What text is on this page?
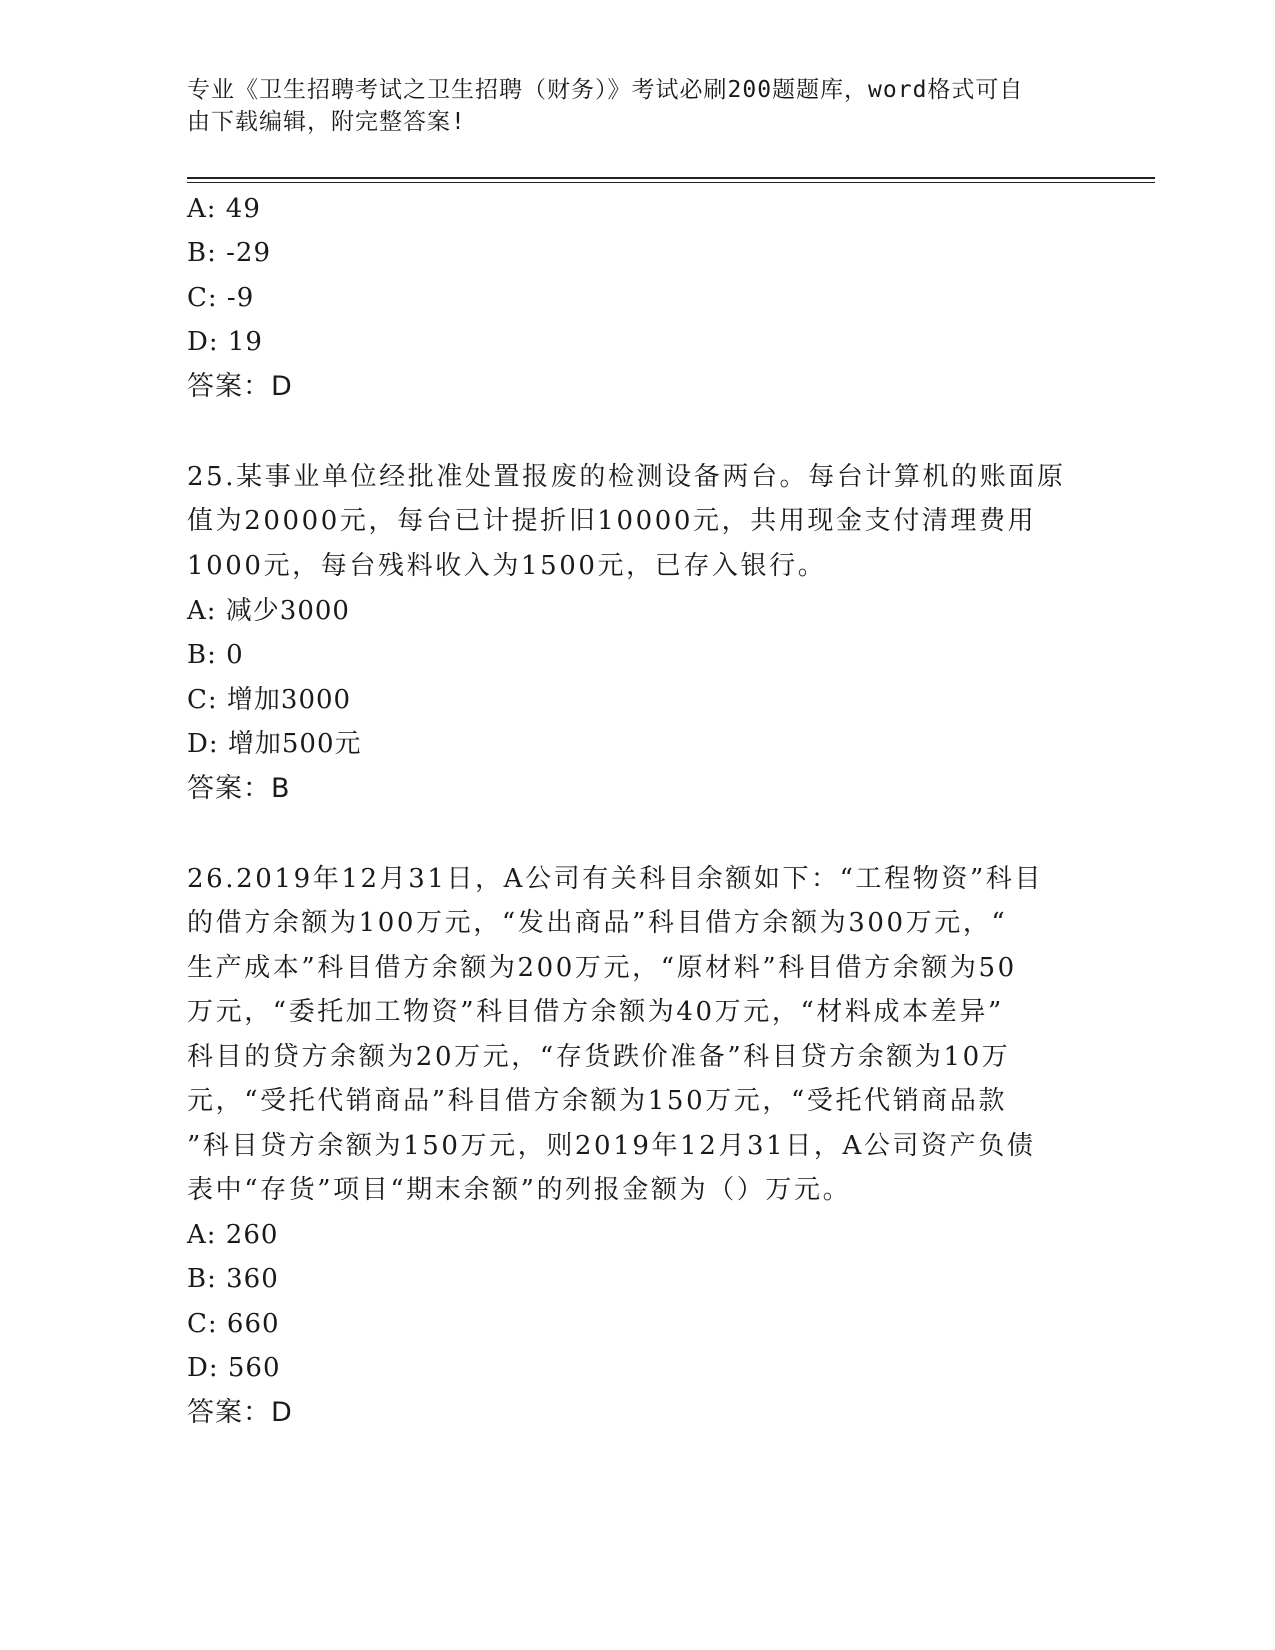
专业《卫生招聘考试之卫生招聘（财务）》考试必刷200题题库，word格式可自
由下载编辑，附完整答案!
A: 49
B: -29
C: -9
D: 19
答案：D
25.某事业单位经批准处置报废的检测设备两台。每台计算机的账面原
值为20000元，每台已计提折旧10000元，共用现金支付清理费用
1000元，每台残料收入为1500元，已存入银行。
A: 减少3000
B: 0
C: 增加3000
D: 增加500元
答案：B
26.2019年12月31日，A公司有关科目余额如下：“工程物资”科目
的借方余额为100万元，“发出商品”科目借方余额为300万元，“
生产成本”科目借方余额为200万元，“原材料”科目借方余额为50
万元，“委托加工物资”科目借方余额为40万元，“材料成本差异”
科目的贷方余额为20万元，“存货跌价准备”科目贷方余额为10万
元，“受托代销商品”科目借方余额为150万元，“受托代销商品款
”科目贷方余额为150万元，则2019年12月31日，A公司资产负债
表中“存货”项目“期末余额”的列报金额为（）万元。
A: 260
B: 360
C: 660
D: 560
答案：D
